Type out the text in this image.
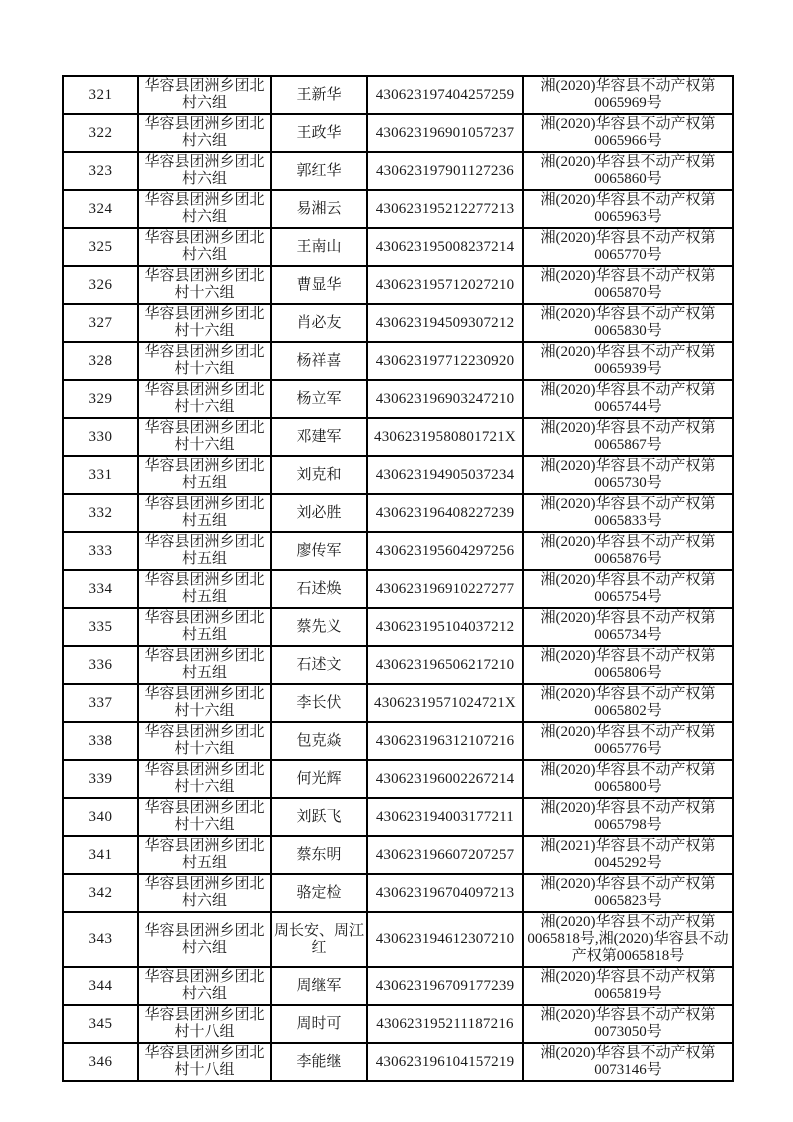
321	华容县团洲乡团北村六组	王新华	430623197404257259	湘(2020)华容县不动产权第0065969号
322	华容县团洲乡团北村六组	王政华	430623196901057237	湘(2020)华容县不动产权第0065966号
323	华容县团洲乡团北村六组	郭红华	430623197901127236	湘(2020)华容县不动产权第0065860号
324	华容县团洲乡团北村六组	易湘云	430623195212277213	湘(2020)华容县不动产权第0065963号
325	华容县团洲乡团北村六组	王南山	430623195008237214	湘(2020)华容县不动产权第0065770号
326	华容县团洲乡团北村十六组	曹显华	430623195712027210	湘(2020)华容县不动产权第0065870号
327	华容县团洲乡团北村十六组	肖必友	430623194509307212	湘(2020)华容县不动产权第0065830号
328	华容县团洲乡团北村十六组	杨祥喜	430623197712230920	湘(2020)华容县不动产权第0065939号
329	华容县团洲乡团北村十六组	杨立军	430623196903247210	湘(2020)华容县不动产权第0065744号
330	华容县团洲乡团北村十六组	邓建军	43062319580801721X	湘(2020)华容县不动产权第0065867号
331	华容县团洲乡团北村五组	刘克和	430623194905037234	湘(2020)华容县不动产权第0065730号
332	华容县团洲乡团北村五组	刘必胜	430623196408227239	湘(2020)华容县不动产权第0065833号
333	华容县团洲乡团北村五组	廖传军	430623195604297256	湘(2020)华容县不动产权第0065876号
334	华容县团洲乡团北村五组	石述焕	430623196910227277	湘(2020)华容县不动产权第0065754号
335	华容县团洲乡团北村五组	蔡先义	430623195104037212	湘(2020)华容县不动产权第0065734号
336	华容县团洲乡团北村五组	石述文	430623196506217210	湘(2020)华容县不动产权第0065806号
337	华容县团洲乡团北村十六组	李长伏	43062319571024721X	湘(2020)华容县不动产权第0065802号
338	华容县团洲乡团北村十六组	包克焱	430623196312107216	湘(2020)华容县不动产权第0065776号
339	华容县团洲乡团北村十六组	何光辉	430623196002267214	湘(2020)华容县不动产权第0065800号
340	华容县团洲乡团北村十六组	刘跃飞	430623194003177211	湘(2020)华容县不动产权第0065798号
341	华容县团洲乡团北村五组	蔡东明	430623196607207257	湘(2021)华容县不动产权第0045292号
342	华容县团洲乡团北村六组	骆定检	430623196704097213	湘(2020)华容县不动产权第0065823号
343	华容县团洲乡团北村六组	周长安、周江红	430623194612307210	湘(2020)华容县不动产权第0065818号,湘(2020)华容县不动产权第0065818号
344	华容县团洲乡团北村六组	周继军	430623196709177239	湘(2020)华容县不动产权第0065819号
345	华容县团洲乡团北村十八组	周时可	430623195211187216	湘(2020)华容县不动产权第0073050号
346	华容县团洲乡团北村十八组	李能继	430623196104157219	湘(2020)华容县不动产权第0073146号
